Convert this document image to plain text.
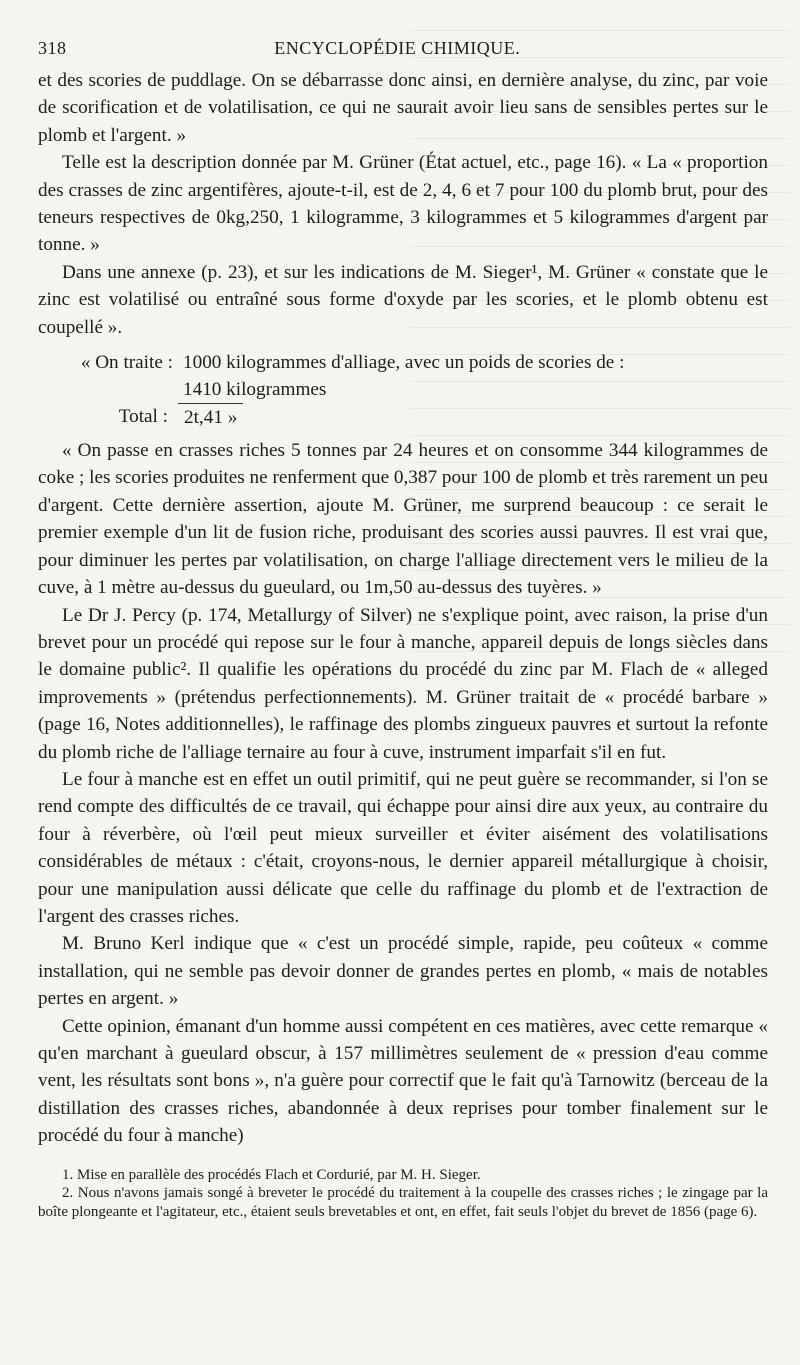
318	ENCYCLOPÉDIE CHIMIQUE.

et des scories de puddlage. On se débarrasse donc ainsi, en dernière analyse, du zinc, par voie de scorification et de volatilisation, ce qui ne saurait avoir lieu sans de sensibles pertes sur le plomb et l'argent. »

Telle est la description donnée par M. Grüner (État actuel, etc., page 16). « La « proportion des crasses de zinc argentifères, ajoute-t-il, est de 2, 4, 6 et 7 pour 100 du plomb brut, pour des teneurs respectives de 0kg,250, 1 kilogramme, 3 kilogrammes et 5 kilogrammes d'argent par tonne. »

Dans une annexe (p. 23), et sur les indications de M. Sieger¹, M. Grüner « constate que le zinc est volatilisé ou entraîné sous forme d'oxyde par les scories, et le plomb obtenu est coupellé ».

« On traite : 1000 kilogrammes d'alliage, avec un poids de scories de :
1410 kilogrammes
Total : 2t,41 »

« On passe en crasses riches 5 tonnes par 24 heures et on consomme 344 kilogrammes de coke ; les scories produites ne renferment que 0,387 pour 100 de plomb et très rarement un peu d'argent. Cette dernière assertion, ajoute M. Grüner, me surprend beaucoup : ce serait le premier exemple d'un lit de fusion riche, produisant des scories aussi pauvres. Il est vrai que, pour diminuer les pertes par volatilisation, on charge l'alliage directement vers le milieu de la cuve, à 1 mètre au-dessus du gueulard, ou 1m,50 au-dessus des tuyères. »

Le Dr J. Percy (p. 174, Metallurgy of Silver) ne s'explique point, avec raison, la prise d'un brevet pour un procédé qui repose sur le four à manche, appareil depuis de longs siècles dans le domaine public². Il qualifie les opérations du procédé du zinc par M. Flach de « alleged improvements » (prétendus perfectionnements). M. Grüner traitait de « procédé barbare » (page 16, Notes additionnelles), le raffinage des plombs zingueux pauvres et surtout la refonte du plomb riche de l'alliage ternaire au four à cuve, instrument imparfait s'il en fut.

Le four à manche est en effet un outil primitif, qui ne peut guère se recommander, si l'on se rend compte des difficultés de ce travail, qui échappe pour ainsi dire aux yeux, au contraire du four à réverbère, où l'œil peut mieux surveiller et éviter aisément des volatilisations considérables de métaux : c'était, croyons-nous, le dernier appareil métallurgique à choisir, pour une manipulation aussi délicate que celle du raffinage du plomb et de l'extraction de l'argent des crasses riches.

M. Bruno Kerl indique que « c'est un procédé simple, rapide, peu coûteux « comme installation, qui ne semble pas devoir donner de grandes pertes en plomb, « mais de notables pertes en argent. »

Cette opinion, émanant d'un homme aussi compétent en ces matières, avec cette remarque « qu'en marchant à gueulard obscur, à 157 millimètres seulement de « pression d'eau comme vent, les résultats sont bons », n'a guère pour correctif que le fait qu'à Tarnowitz (berceau de la distillation des crasses riches, abandonnée à deux reprises pour tomber finalement sur le procédé du four à manche)

1. Mise en parallèle des procédés Flach et Cordurié, par M. H. Sieger.

2. Nous n'avons jamais songé à breveter le procédé du traitement à la coupelle des crasses riches ; le zingage par la boîte plongeante et l'agitateur, etc., étaient seuls brevetables et ont, en effet, fait seuls l'objet du brevet de 1856 (page 6).
